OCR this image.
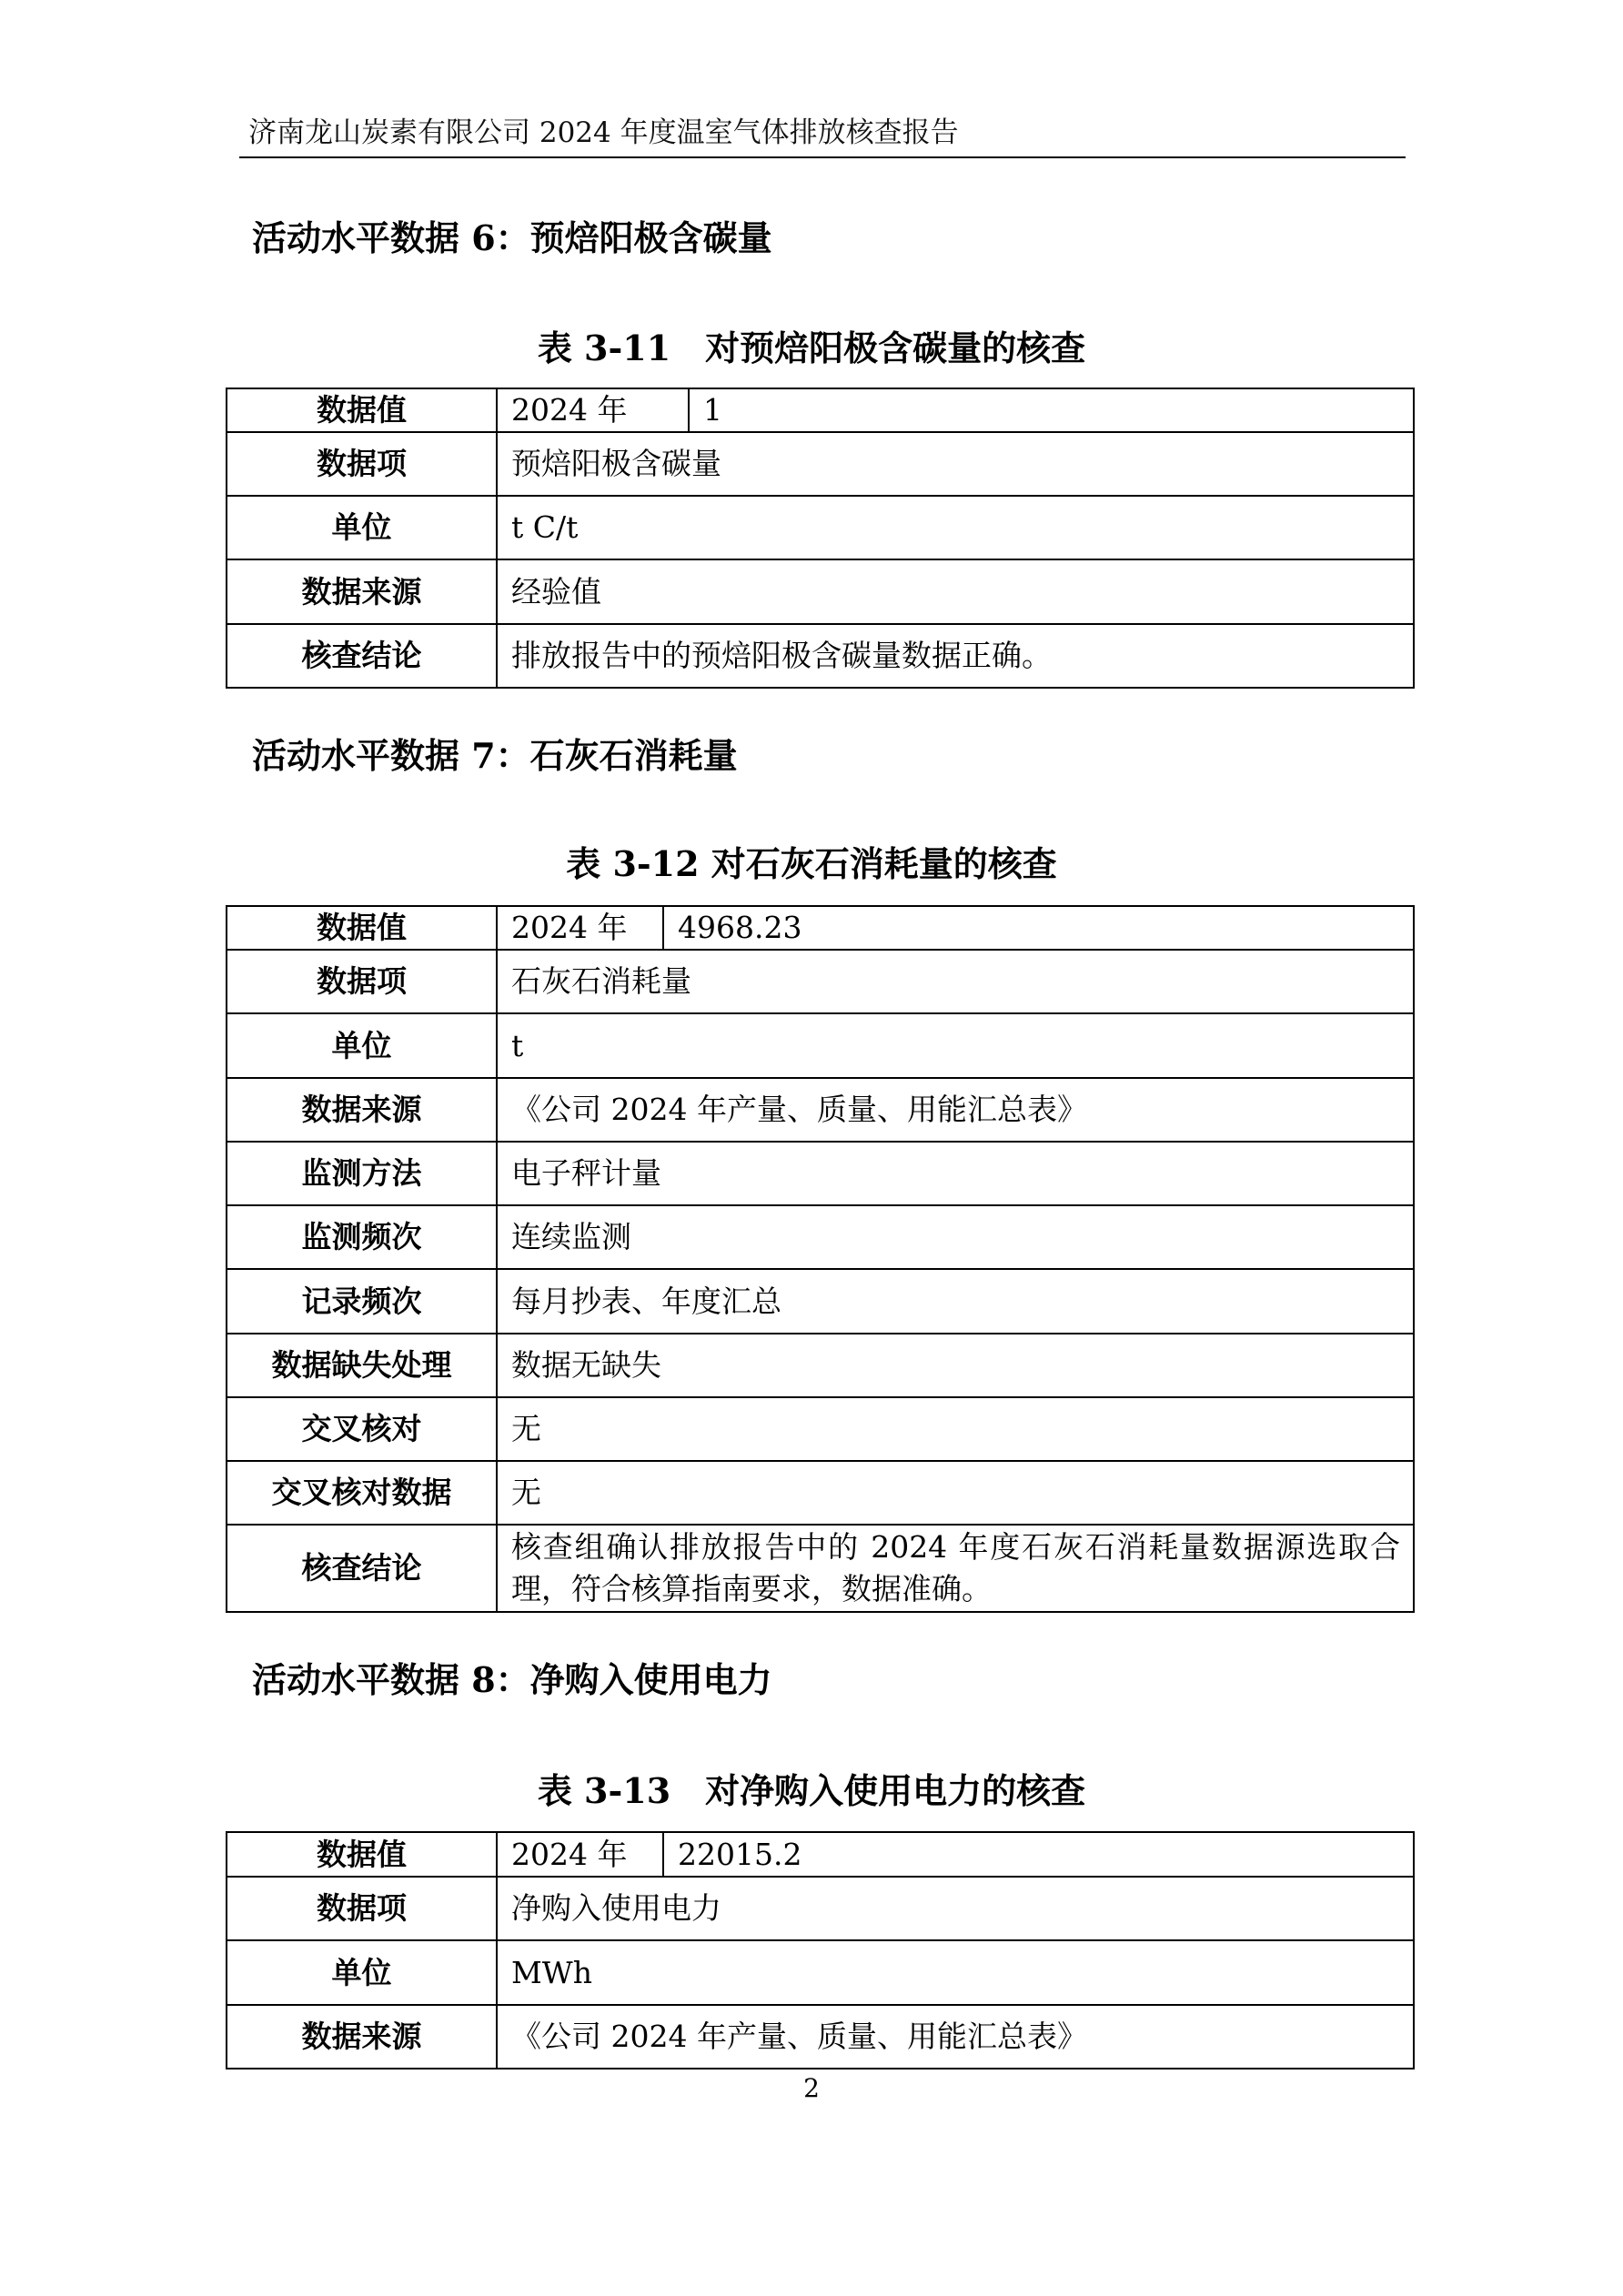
济南龙山炭素有限公司 2024 年度温室气体排放核查报告
活动水平数据 6：预焙阳极含碳量
表 3-11　对预焙阳极含碳量的核查
数据值	2024 年	1
数据项	预焙阳极含碳量	
单位	t C/t	
数据来源	经验值	
核查结论	排放报告中的预焙阳极含碳量数据正确。	
活动水平数据 7：石灰石消耗量
表 3-12 对石灰石消耗量的核查
数据值	2024 年	4968.23
数据项	石灰石消耗量	
单位	t	
数据来源	《公司 2024 年产量、质量、用能汇总表》	
监测方法	电子秤计量	
监测频次	连续监测	
记录频次	每月抄表、年度汇总	
数据缺失处理	数据无缺失	
交叉核对	无	
交叉核对数据	无	
核查结论	核查组确认排放报告中的 2024 年度石灰石消耗量数据源选取合理，符合核算指南要求，数据准确。	
活动水平数据 8：净购入使用电力
表 3-13　对净购入使用电力的核查
数据值	2024 年	22015.2
数据项	净购入使用电力	
单位	MWh	
数据来源	《公司 2024 年产量、质量、用能汇总表》	
2
